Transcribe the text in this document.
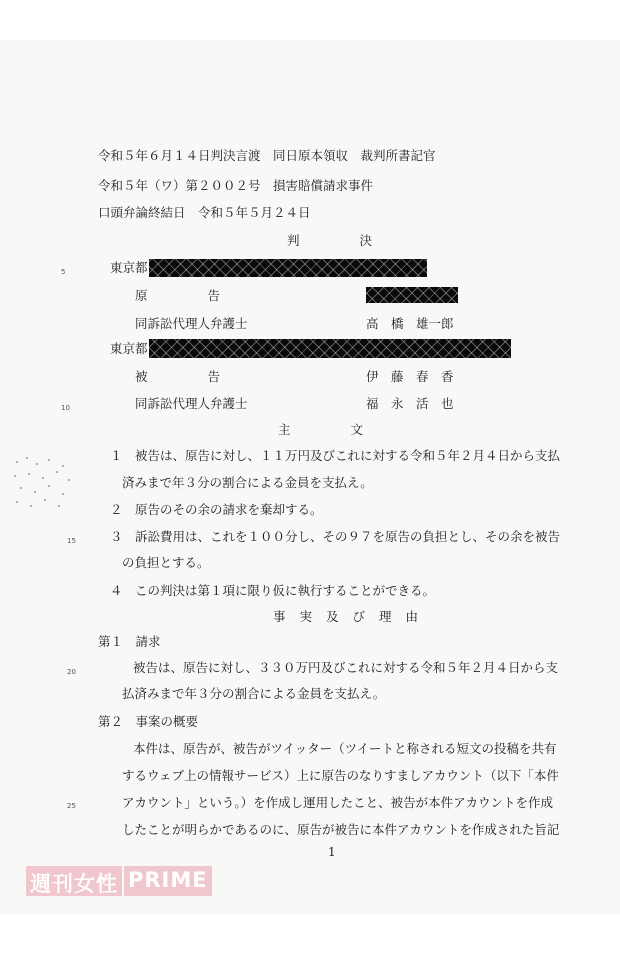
令和５年６月１４日判決言渡　同日原本領収　裁判所書記官
令和５年（ワ）第２００２号　損害賠償請求事件
口頭弁論終結日　令和５年５月２４日
判決
5	東京都
原告
同訴訟代理人弁護士	高　橋　雄一郎
東京都
被告	伊　藤　春　香
10	同訴訟代理人弁護士	福　永　活　也
主文
１　被告は、原告に対し、１１万円及びこれに対する令和５年２月４日から支払
済みまで年３分の割合による金員を支払え。
２　原告のその余の請求を棄却する。
15	３　訴訟費用は、これを１００分し、その９７を原告の負担とし、その余を被告
の負担とする。
４　この判決は第１項に限り仮に執行することができる。
事実及び理由
第１　請求
20	被告は、原告に対し、３３０万円及びこれに対する令和５年２月４日から支
払済みまで年３分の割合による金員を支払え。
第２　事案の概要
本件は、原告が、被告がツイッター（ツイートと称される短文の投稿を共有
するウェブ上の情報サービス）上に原告のなりすましアカウント（以下「本件
25	アカウント」という。）を作成し運用したこと、被告が本件アカウントを作成
したことが明らかであるのに、原告が被告に本件アカウントを作成された旨記
1
週刊女性 PRIME
